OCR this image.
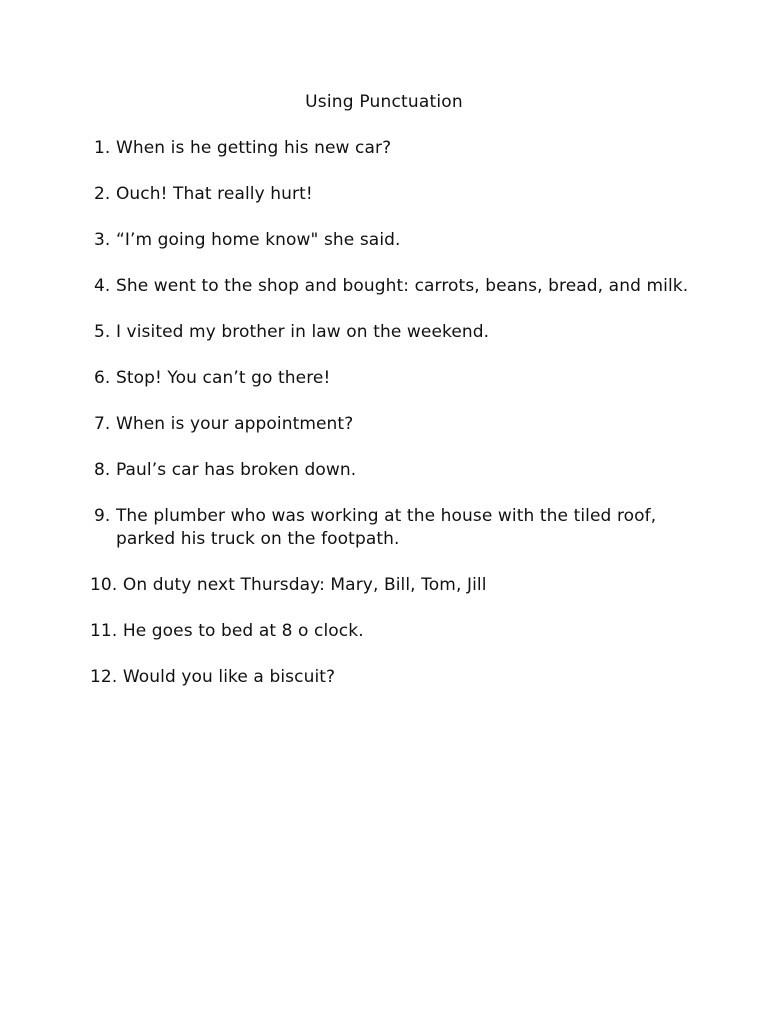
Using Punctuation
1. When is he getting his new car?
2. Ouch! That really hurt!
3. “I’m going home know" she said.
4. She went to the shop and bought: carrots, beans, bread, and milk.
5. I visited my brother in law on the weekend.
6. Stop! You can’t go there!
7. When is your appointment?
8. Paul’s car has broken down.
9. The plumber who was working at the house with the tiled roof, parked his truck on the footpath.
10. On duty next Thursday: Mary, Bill, Tom, Jill
11. He goes to bed at 8 o clock.
12. Would you like a biscuit?
